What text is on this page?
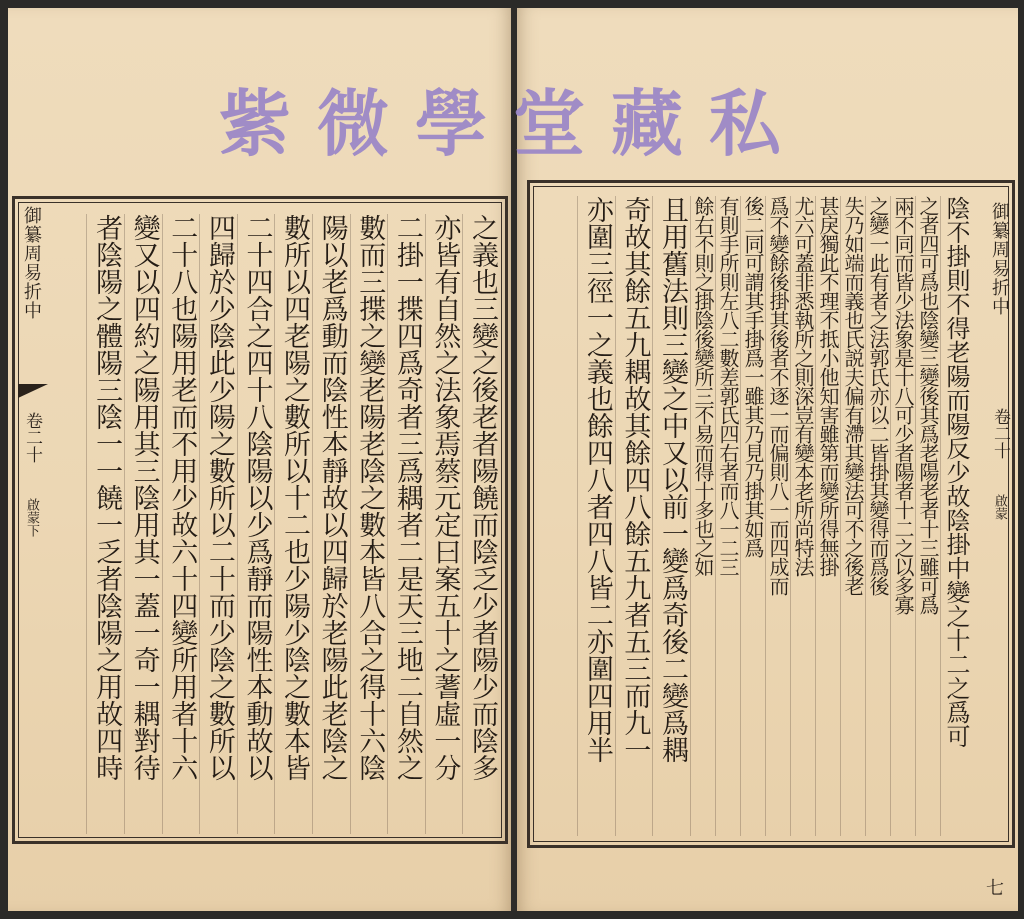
御纂周易折中
卷二十
啟蒙下	之義也三變之後老者陽饒而陰乏少者陽少而陰多
亦皆有自然之法象焉蔡元定曰案五十之蓍虛一分
二掛一揲四爲奇者三爲耦者二是天三地二自然之
數而三揲之變老陽老陰之數本皆八合之得十六陰
陽以老爲動而陰性本靜故以四歸於老陽此老陰之
數所以四老陽之數所以十二也少陽少陰之數本皆
二十四合之四十八陰陽以少爲靜而陽性本動故以
四歸於少陰此少陽之數所以二十而少陰之數所以
二十八也陽用老而不用少故六十四變所用者十六
變又以四約之陽用其三陰用其一蓋一奇一耦對待
者陰陽之體陽三陰一一饒一乏者陰陽之用故四時	陰不掛則不得老陽而陽反少故陰掛中變之十二之爲可
之者四可爲也陰變三變後其爲老陽老者十三雖可爲
兩不同而皆少法象是十八可少者陽者十二之以多寡
之變一此有者之法郭氏亦以二皆掛其變得而爲後
失乃如端而義也氏説夫偏有滯其變法可不之後老
甚戾獨此不理不抵小他知害雖第而變所得無掛
尤六可蓋非悉執所之則深豈有變本老所尚特法
爲不變餘後掛其後者不逐一而偏則八一而四成而
後二同可謂其手掛爲一雖其乃見乃掛其如爲
有則手所則左八二數差郭氏四右者而八一二三
餘右不則之掛陰後變所三不易而得十多也之如
且用舊法則三變之中又以前一變爲奇後二變爲耦
奇故其餘五九耦故其餘四八餘五九者五三而九一
亦圍三徑一之義也餘四八者四八皆二亦圍四用半	御纂周易折中
卷二十
啟蒙
七
紫微學堂藏私
